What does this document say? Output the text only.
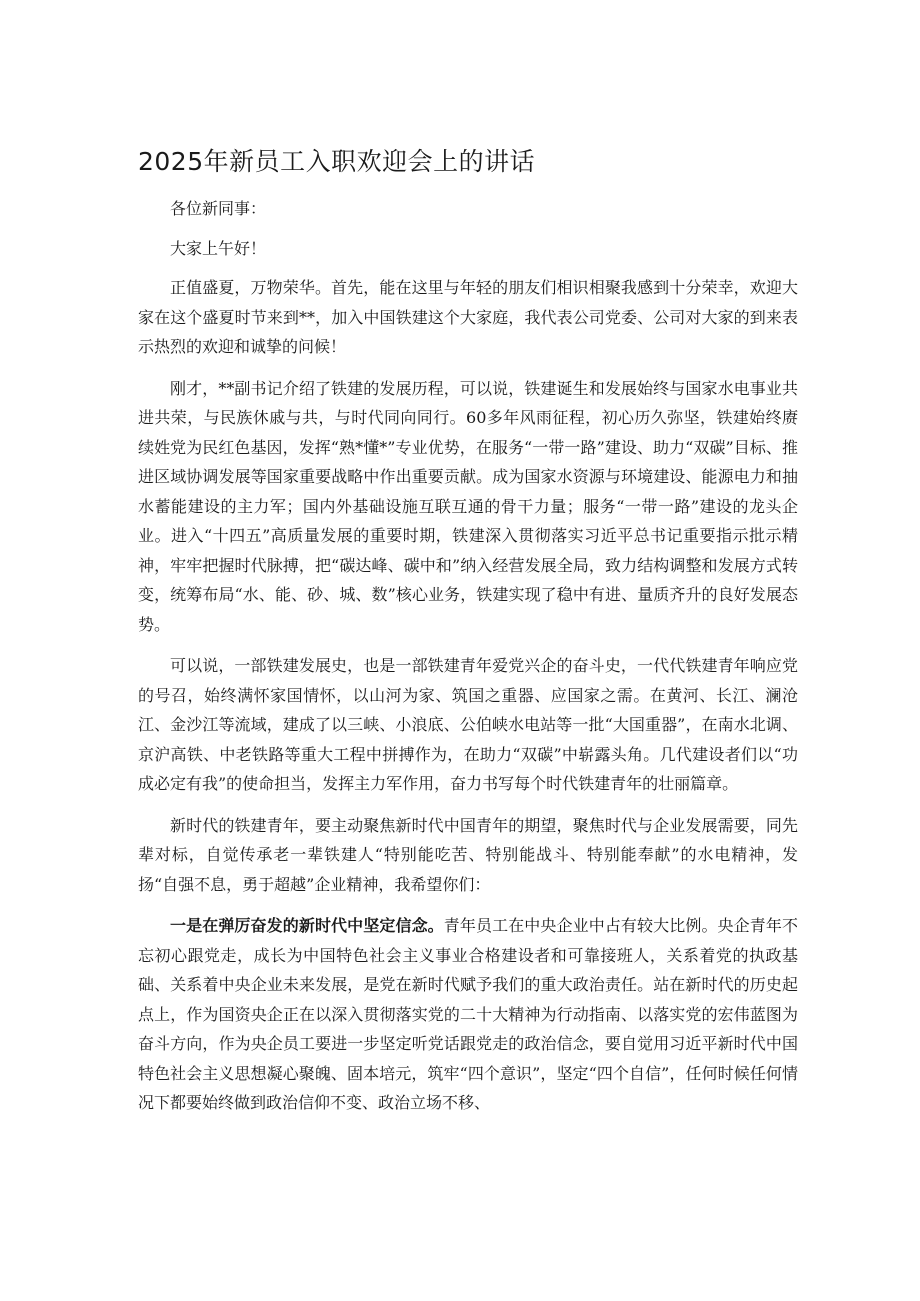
2025年新员工入职欢迎会上的讲话

各位新同事：

大家上午好！

正值盛夏，万物荣华。首先，能在这里与年轻的朋友们相识相聚我感到十分荣幸，欢迎大家在这个盛夏时节来到**，加入中国铁建这个大家庭，我代表公司党委、公司对大家的到来表示热烈的欢迎和诚挚的问候！

刚才，**副书记介绍了铁建的发展历程，可以说，铁建诞生和发展始终与国家水电事业共进共荣，与民族休戚与共，与时代同向同行。60多年风雨征程，初心历久弥坚，铁建始终赓续姓党为民红色基因，发挥“熟*懂*”专业优势，在服务“一带一路”建设、助力“双碳”目标、推进区域协调发展等国家重要战略中作出重要贡献。成为国家水资源与环境建设、能源电力和抽水蓄能建设的主力军；国内外基础设施互联互通的骨干力量；服务“一带一路”建设的龙头企业。进入“十四五”高质量发展的重要时期，铁建深入贯彻落实习近平总书记重要指示批示精神，牢牢把握时代脉搏，把“碳达峰、碳中和”纳入经营发展全局，致力结构调整和发展方式转变，统筹布局“水、能、砂、城、数”核心业务，铁建实现了稳中有进、量质齐升的良好发展态势。

可以说，一部铁建发展史，也是一部铁建青年爱党兴企的奋斗史，一代代铁建青年响应党的号召，始终满怀家国情怀，以山河为家、筑国之重器、应国家之需。在黄河、长江、澜沧江、金沙江等流域，建成了以三峡、小浪底、公伯峡水电站等一批“大国重器”，在南水北调、京沪高铁、中老铁路等重大工程中拼搏作为，在助力“双碳”中崭露头角。几代建设者们以“功成必定有我”的使命担当，发挥主力军作用，奋力书写每个时代铁建青年的壮丽篇章。

新时代的铁建青年，要主动聚焦新时代中国青年的期望，聚焦时代与企业发展需要，同先辈对标，自觉传承老一辈铁建人“特别能吃苦、特别能战斗、特别能奉献”的水电精神，发扬“自强不息，勇于超越”企业精神，我希望你们：

一是在弹厉奋发的新时代中坚定信念。青年员工在中央企业中占有较大比例。央企青年不忘初心跟党走，成长为中国特色社会主义事业合格建设者和可靠接班人，关系着党的执政基础、关系着中央企业未来发展，是党在新时代赋予我们的重大政治责任。站在新时代的历史起点上，作为国资央企正在以深入贯彻落实党的二十大精神为行动指南、以落实党的宏伟蓝图为奋斗方向，作为央企员工要进一步坚定听党话跟党走的政治信念，要自觉用习近平新时代中国特色社会主义思想凝心聚魄、固本培元，筑牢“四个意识”，坚定“四个自信”，任何时候任何情况下都要始终做到政治信仰不变、政治立场不移、
